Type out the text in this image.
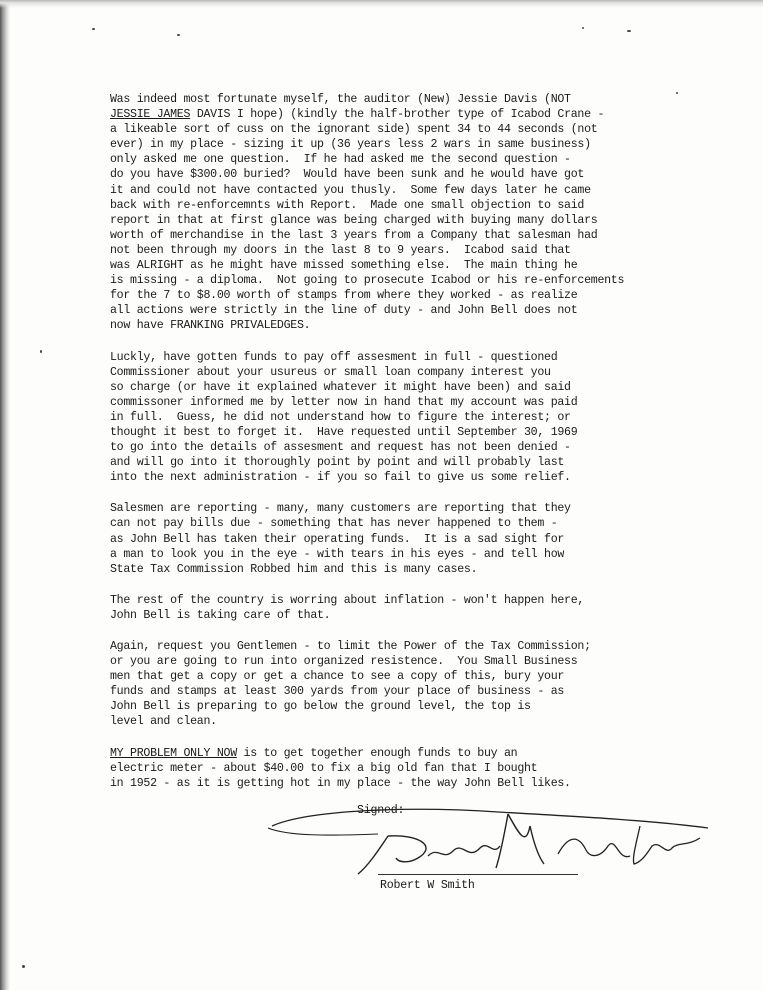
Was indeed most fortunate myself, the auditor (New) Jessie Davis (NOT
JESSIE JAMES DAVIS I hope) (kindly the half-brother type of Icabod Crane -
a likeable sort of cuss on the ignorant side) spent 34 to 44 seconds (not
ever) in my place - sizing it up (36 years less 2 wars in same business)
only asked me one question.  If he had asked me the second question -
do you have $300.00 buried?  Would have been sunk and he would have got
it and could not have contacted you thusly.  Some few days later he came
back with re-enforcemnts with Report.  Made one small objection to said
report in that at first glance was being charged with buying many dollars
worth of merchandise in the last 3 years from a Company that salesman had
not been through my doors in the last 8 to 9 years.  Icabod said that
was ALRIGHT as he might have missed something else.  The main thing he
is missing - a diploma.  Not going to prosecute Icabod or his re-enforcements
for the 7 to $8.00 worth of stamps from where they worked - as realize
all actions were strictly in the line of duty - and John Bell does not
now have FRANKING PRIVALEDGES.
Luckly, have gotten funds to pay off assesment in full - questioned
Commissioner about your usureus or small loan company interest you
so charge (or have it explained whatever it might have been) and said
commissoner informed me by letter now in hand that my account was paid
in full.  Guess, he did not understand how to figure the interest; or
thought it best to forget it.  Have requested until September 30, 1969
to go into the details of assesment and request has not been denied -
and will go into it thoroughly point by point and will probably last
into the next administration - if you so fail to give us some relief.
Salesmen are reporting - many, many customers are reporting that they
can not pay bills due - something that has never happened to them -
as John Bell has taken their operating funds.  It is a sad sight for
a man to look you in the eye - with tears in his eyes - and tell how
State Tax Commission Robbed him and this is many cases.
The rest of the country is worring about inflation - won't happen here,
John Bell is taking care of that.
Again, request you Gentlemen - to limit the Power of the Tax Commission;
or you are going to run into organized resistence.  You Small Business
men that get a copy or get a chance to see a copy of this, bury your
funds and stamps at least 300 yards from your place of business - as
John Bell is preparing to go below the ground level, the top is
level and clean.
MY PROBLEM ONLY NOW is to get together enough funds to buy an
electric meter - about $40.00 to fix a big old fan that I bought
in 1952 - as it is getting hot in my place - the way John Bell likes.
Signed:
Robert W Smith
